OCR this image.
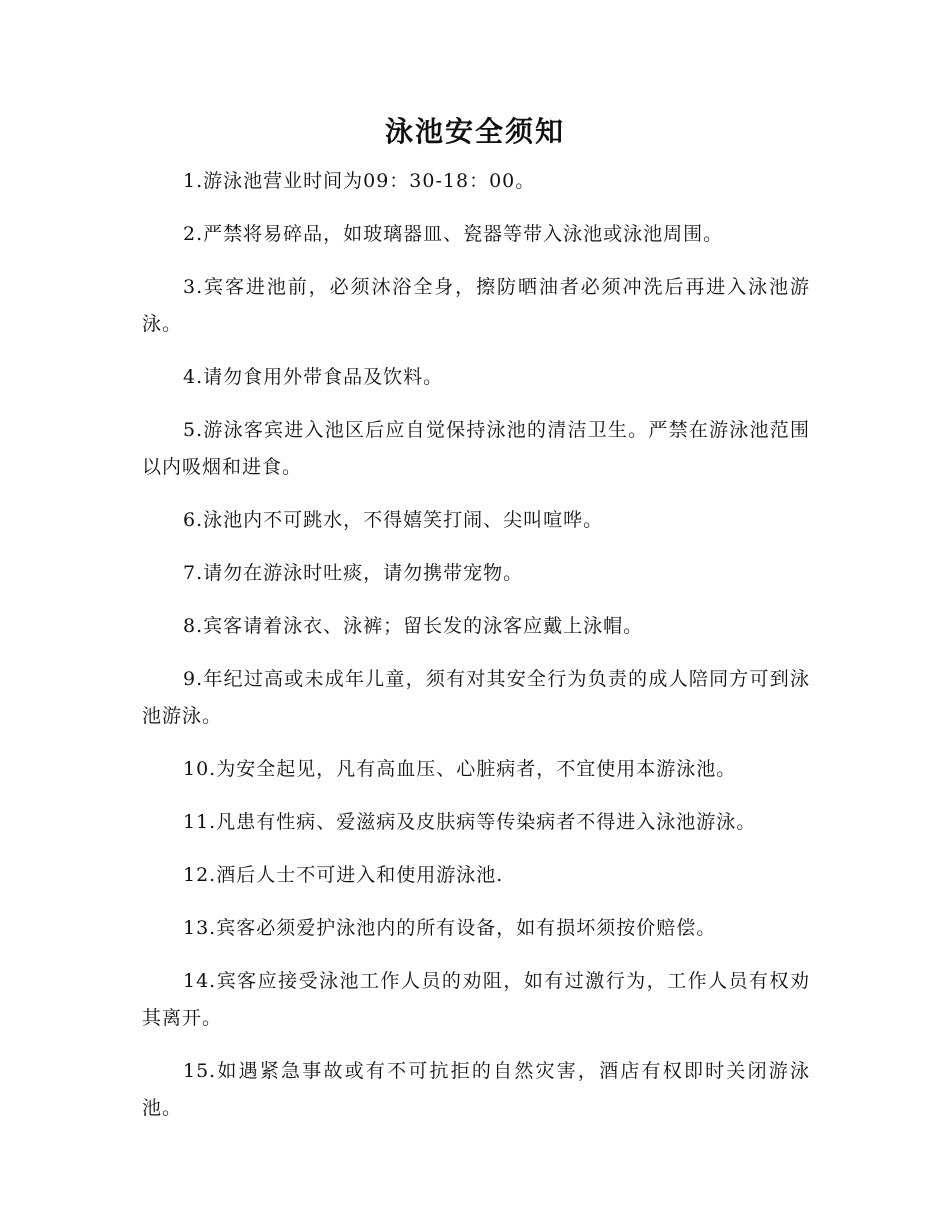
泳池安全须知
1.游泳池营业时间为09：30-18：00。
2.严禁将易碎品，如玻璃器皿、瓷器等带入泳池或泳池周围。
3.宾客进池前，必须沐浴全身，擦防晒油者必须冲洗后再进入泳池游泳。
4.请勿食用外带食品及饮料。
5.游泳客宾进入池区后应自觉保持泳池的清洁卫生。严禁在游泳池范围以内吸烟和进食。
6.泳池内不可跳水，不得嬉笑打闹、尖叫喧哗。
7.请勿在游泳时吐痰，请勿携带宠物。
8.宾客请着泳衣、泳裤；留长发的泳客应戴上泳帽。
9.年纪过高或未成年儿童，须有对其安全行为负责的成人陪同方可到泳池游泳。
10.为安全起见，凡有高血压、心脏病者，不宜使用本游泳池。
11.凡患有性病、爱滋病及皮肤病等传染病者不得进入泳池游泳。
12.酒后人士不可进入和使用游泳池.
13.宾客必须爱护泳池内的所有设备，如有损坏须按价赔偿。
14.宾客应接受泳池工作人员的劝阻，如有过激行为，工作人员有权劝其离开。
15.如遇紧急事故或有不可抗拒的自然灾害，酒店有权即时关闭游泳池。
